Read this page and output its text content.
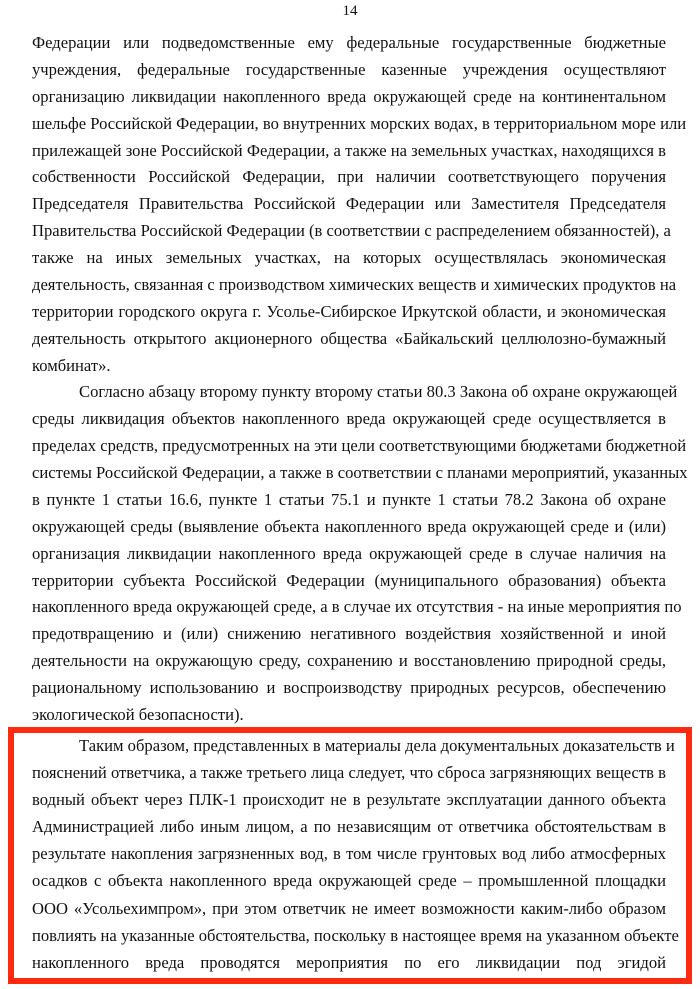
14
Федерации или подведомственные ему федеральные государственные бюджетные
учреждения, федеральные государственные казенные учреждения осуществляют
организацию ликвидации накопленного вреда окружающей среде на континентальном
шельфе Российской Федерации, во внутренних морских водах, в территориальном море или
прилежащей зоне Российской Федерации, а также на земельных участках, находящихся в
собственности Российской Федерации, при наличии соответствующего поручения
Председателя Правительства Российской Федерации или Заместителя Председателя
Правительства Российской Федерации (в соответствии с распределением обязанностей), а
также на иных земельных участках, на которых осуществлялась экономическая
деятельность, связанная с производством химических веществ и химических продуктов на
территории городского округа г. Усолье-Сибирское Иркутской области, и экономическая
деятельность открытого акционерного общества «Байкальский целлюлозно-бумажный
комбинат».
Согласно абзацу второму пункту второму статьи 80.3 Закона об охране окружающей
среды ликвидация объектов накопленного вреда окружающей среде осуществляется в
пределах средств, предусмотренных на эти цели соответствующими бюджетами бюджетной
системы Российской Федерации, а также в соответствии с планами мероприятий, указанных
в пункте 1 статьи 16.6, пункте 1 статьи 75.1 и пункте 1 статьи 78.2 Закона об охране
окружающей среды (выявление объекта накопленного вреда окружающей среде и (или)
организация ликвидации накопленного вреда окружающей среде в случае наличия на
территории субъекта Российской Федерации (муниципального образования) объекта
накопленного вреда окружающей среде, а в случае их отсутствия - на иные мероприятия по
предотвращению и (или) снижению негативного воздействия хозяйственной и иной
деятельности на окружающую среду, сохранению и восстановлению природной среды,
рациональному использованию и воспроизводству природных ресурсов, обеспечению
экологической безопасности).
Таким образом, представленных в материалы дела документальных доказательств и
пояснений ответчика, а также третьего лица следует, что сброса загрязняющих веществ в
водный объект через ПЛК-1 происходит не в результате эксплуатации данного объекта
Администрацией либо иным лицом, а по независящим от ответчика обстоятельствам в
результате накопления загрязненных вод, в том числе грунтовых вод либо атмосферных
осадков с объекта накопленного вреда окружающей среде – промышленной площадки
ООО «Усольехимпром», при этом ответчик не имеет возможности каким-либо образом
повлиять на указанные обстоятельства, поскольку в настоящее время на указанном объекте
накопленного вреда проводятся мероприятия по его ликвидации под эгидой
